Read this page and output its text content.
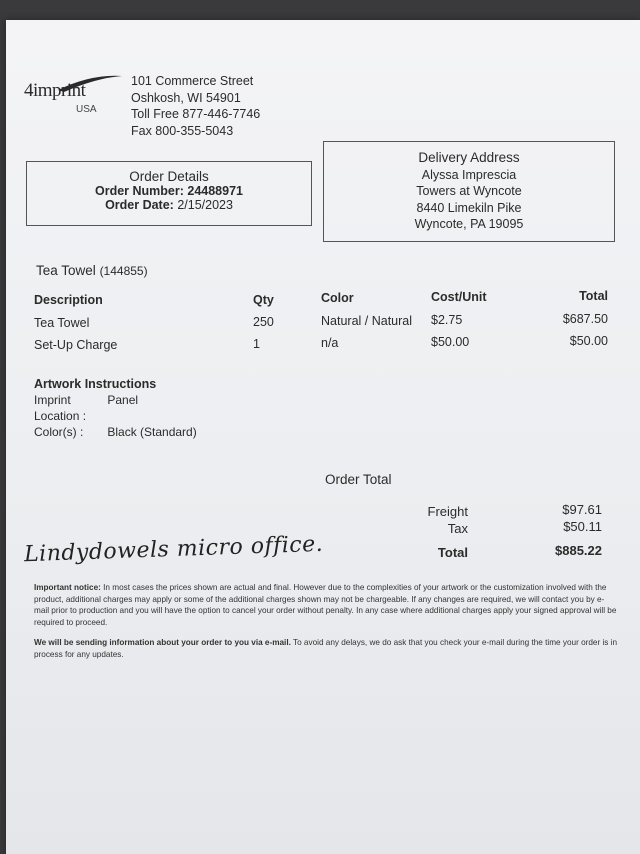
4imprint
USA
101 Commerce Street
Oshkosh, WI 54901
Toll Free 877-446-7746
Fax 800-355-5043
Order Details
Order Number: 24488971
Order Date: 2/15/2023
Delivery Address
Alyssa Imprescia
Towers at Wyncote
8440 Limekiln Pike
Wyncote, PA 19095
Tea Towel (144855)
Description	Qty	Color	Cost/Unit	Total
Tea Towel	250	Natural / Natural $2.75	$687.50
Set-Up Charge	1	n/a	$50.00	$50.00
Artwork Instructions
Imprint	Panel
Location :
Color(s) : Black (Standard)
Order Total
Freight	$97.61
Tax	$50.11
Total	$885.22
Lindydowels micro office.

Important notice: In most cases the prices shown are actual and final. However due to the complexities of your artwork or the customization involved with the product, additional charges may apply or some of the additional charges shown may not be chargeable. If any changes are required, we will contact you by e-mail prior to production and you will have the option to cancel your order without penalty. In any case where additional charges apply your signed approval will be required to proceed.

We will be sending information about your order to you via e-mail. To avoid any delays, we do ask that you check your e-mail during the time your order is in process for any updates.
